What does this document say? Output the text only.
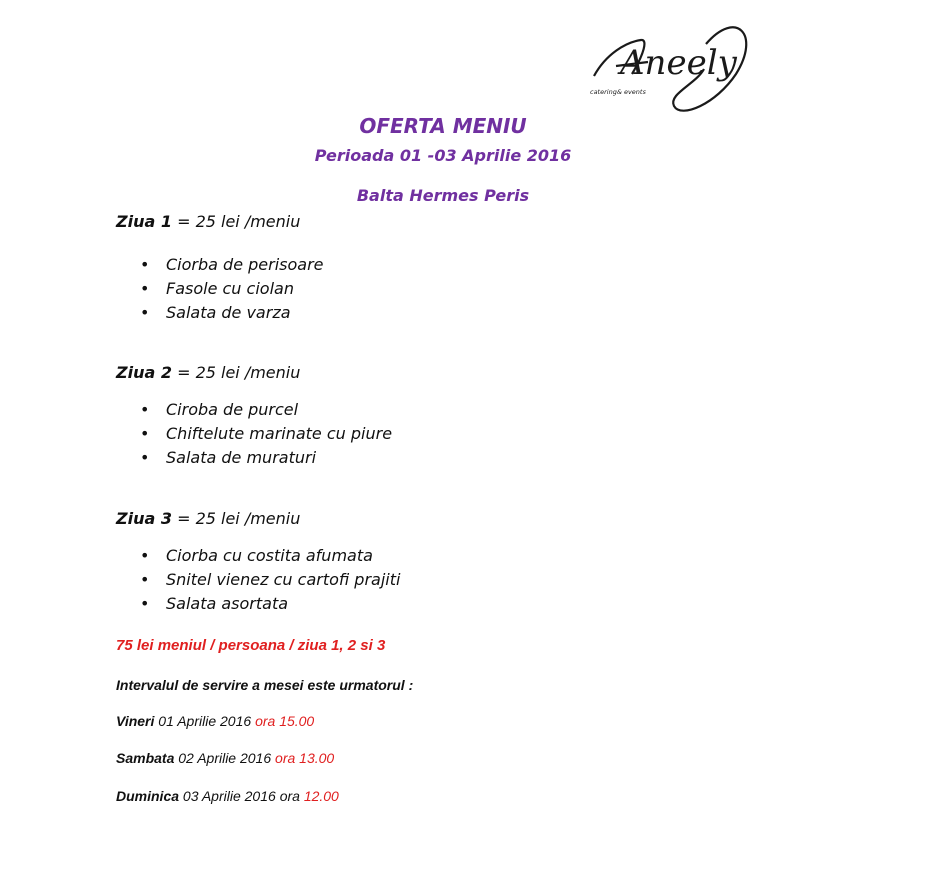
Aneely
catering& events
OFERTA MENIU
Perioada 01 -03 Aprilie 2016
Balta Hermes Peris
Ziua 1 = 25 lei /meniu
• Ciorba de perisoare
• Fasole cu ciolan
• Salata de varza
Ziua 2 = 25 lei /meniu
• Ciroba de purcel
• Chiftelute marinate cu piure
• Salata de muraturi
Ziua 3 = 25 lei /meniu
• Ciorba cu costita afumata
• Snitel vienez cu cartofi prajiti
• Salata asortata
75 lei meniul / persoana / ziua 1, 2 si 3
Intervalul de servire a mesei este urmatorul :
Vineri 01 Aprilie 2016 ora 15.00
Sambata 02 Aprilie 2016 ora 13.00
Duminica 03 Aprilie 2016 ora 12.00
